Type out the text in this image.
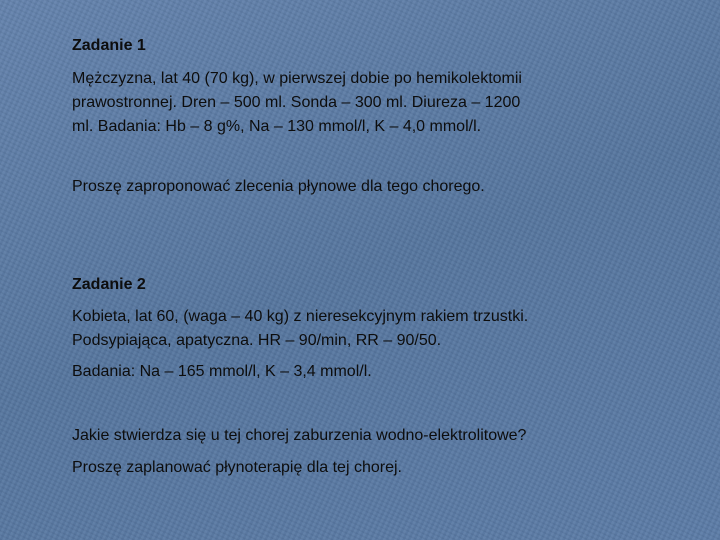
Zadanie 1

Mężczyzna, lat 40 (70 kg), w pierwszej dobie po hemikolektomii

prawostronnej. Dren – 500 ml. Sonda – 300 ml. Diureza – 1200

ml. Badania: Hb – 8 g%, Na – 130 mmol/l, K – 4,0 mmol/l.

Proszę zaproponować zlecenia płynowe dla tego chorego.

Zadanie 2

Kobieta, lat 60, (waga – 40 kg) z nieresekcyjnym rakiem trzustki.

Podsypiająca, apatyczna. HR – 90/min, RR – 90/50.

Badania: Na – 165 mmol/l, K – 3,4 mmol/l.

Jakie stwierdza się u tej chorej zaburzenia wodno-elektrolitowe?

Proszę zaplanować płynoterapię dla tej chorej.
